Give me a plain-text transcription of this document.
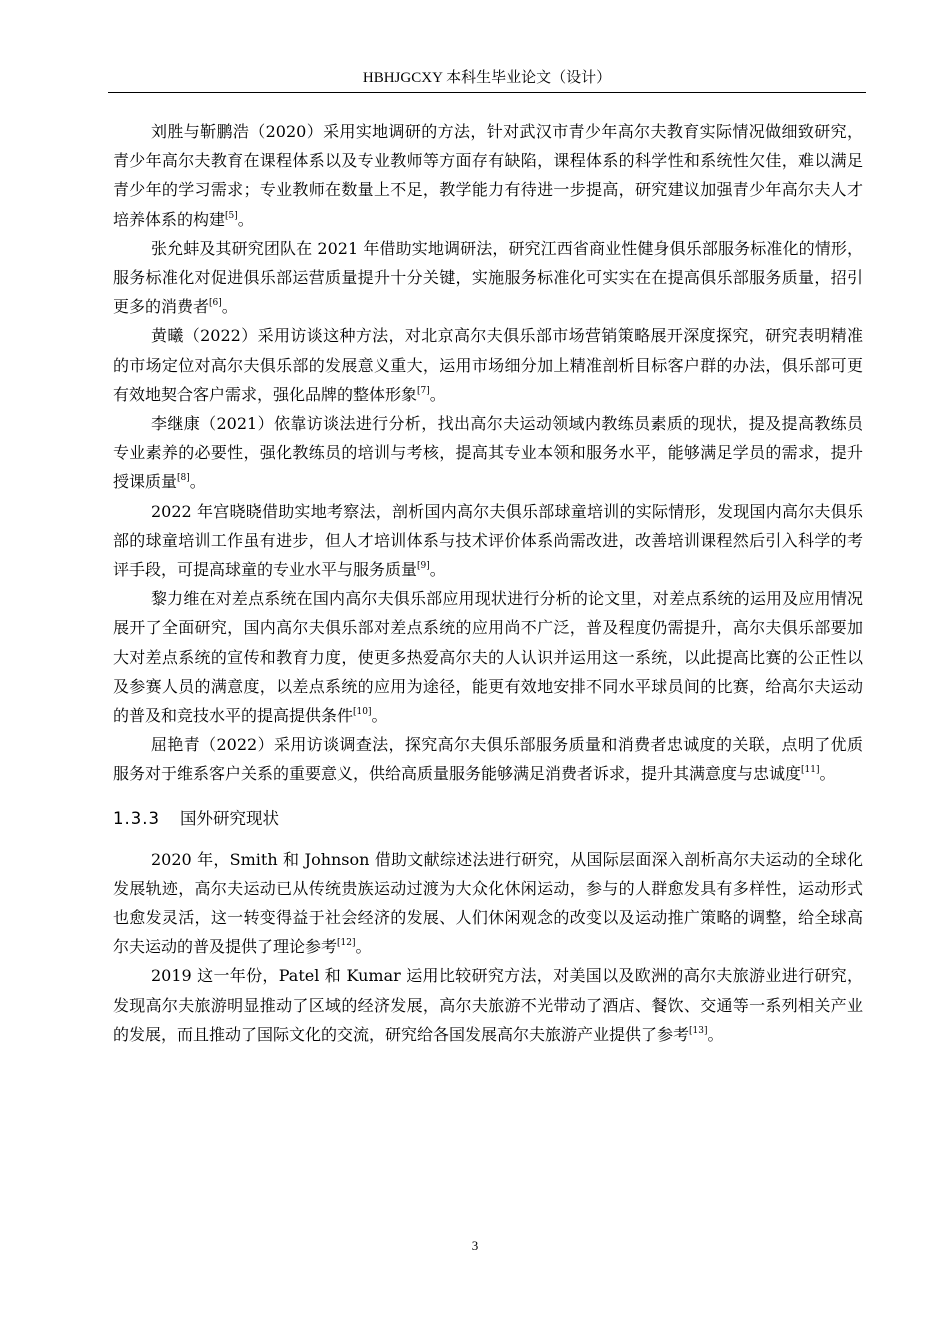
HBHJGCXY 本科生毕业论文（设计）

刘胜与靳鹏浩（2020）采用实地调研的方法，针对武汉市青少年高尔夫教育实际情况做细致研究，青少年高尔夫教育在课程体系以及专业教师等方面存有缺陷，课程体系的科学性和系统性欠佳，难以满足青少年的学习需求；专业教师在数量上不足，教学能力有待进一步提高，研究建议加强青少年高尔夫人才培养体系的构建[5]。

张允蚌及其研究团队在 2021 年借助实地调研法，研究江西省商业性健身俱乐部服务标准化的情形，服务标准化对促进俱乐部运营质量提升十分关键，实施服务标准化可实实在在提高俱乐部服务质量，招引更多的消费者[6]。

黄曦（2022）采用访谈这种方法，对北京高尔夫俱乐部市场营销策略展开深度探究，研究表明精准的市场定位对高尔夫俱乐部的发展意义重大，运用市场细分加上精准剖析目标客户群的办法，俱乐部可更有效地契合客户需求，强化品牌的整体形象[7]。

李继康（2021）依靠访谈法进行分析，找出高尔夫运动领域内教练员素质的现状，提及提高教练员专业素养的必要性，强化教练员的培训与考核，提高其专业本领和服务水平，能够满足学员的需求，提升授课质量[8]。

2022 年宫晓晓借助实地考察法，剖析国内高尔夫俱乐部球童培训的实际情形，发现国内高尔夫俱乐部的球童培训工作虽有进步，但人才培训体系与技术评价体系尚需改进，改善培训课程然后引入科学的考评手段，可提高球童的专业水平与服务质量[9]。

黎力维在对差点系统在国内高尔夫俱乐部应用现状进行分析的论文里，对差点系统的运用及应用情况展开了全面研究，国内高尔夫俱乐部对差点系统的应用尚不广泛，普及程度仍需提升，高尔夫俱乐部要加大对差点系统的宣传和教育力度，使更多热爱高尔夫的人认识并运用这一系统，以此提高比赛的公正性以及参赛人员的满意度，以差点系统的应用为途径，能更有效地安排不同水平球员间的比赛，给高尔夫运动的普及和竞技水平的提高提供条件[10]。

屈艳青（2022）采用访谈调查法，探究高尔夫俱乐部服务质量和消费者忠诚度的关联，点明了优质服务对于维系客户关系的重要意义，供给高质量服务能够满足消费者诉求，提升其满意度与忠诚度[11]。

1.3.3 国外研究现状

2020 年，Smith 和 Johnson 借助文献综述法进行研究，从国际层面深入剖析高尔夫运动的全球化发展轨迹，高尔夫运动已从传统贵族运动过渡为大众化休闲运动，参与的人群愈发具有多样性，运动形式也愈发灵活，这一转变得益于社会经济的发展、人们休闲观念的改变以及运动推广策略的调整，给全球高尔夫运动的普及提供了理论参考[12]。

2019 这一年份，Patel 和 Kumar 运用比较研究方法，对美国以及欧洲的高尔夫旅游业进行研究，发现高尔夫旅游明显推动了区域的经济发展，高尔夫旅游不光带动了酒店、餐饮、交通等一系列相关产业的发展，而且推动了国际文化的交流，研究给各国发展高尔夫旅游产业提供了参考[13]。

3
